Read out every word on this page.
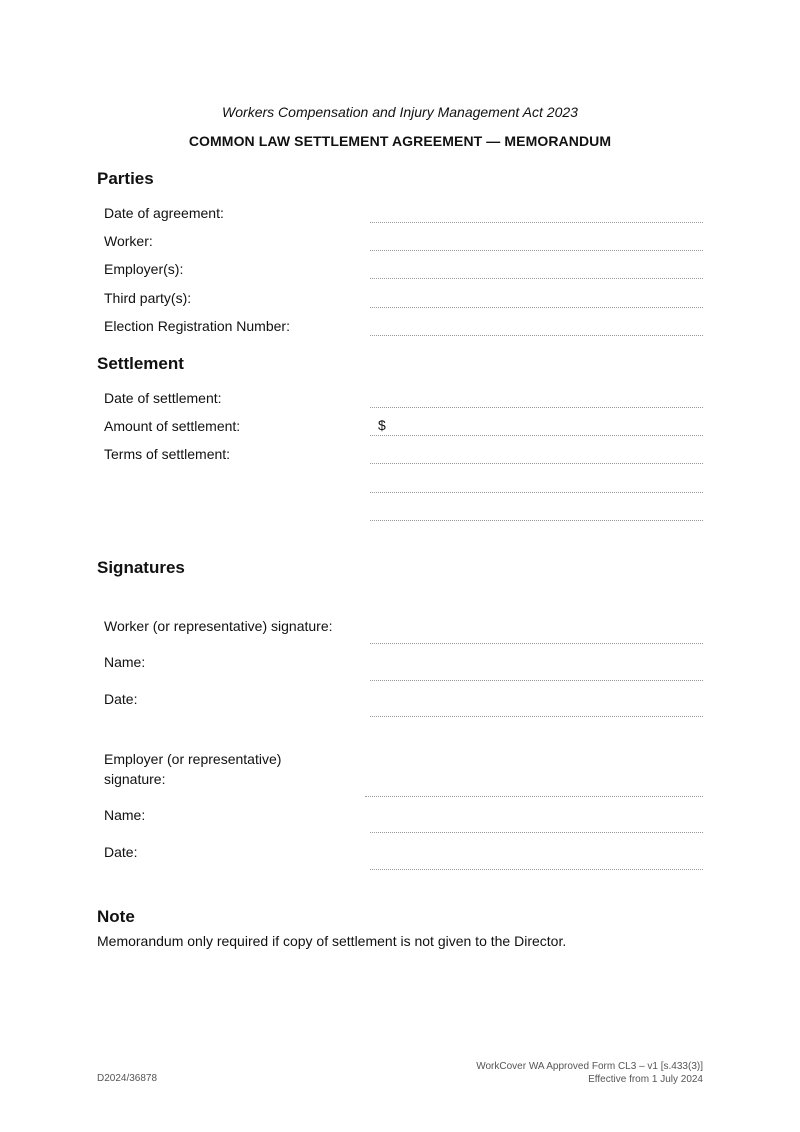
Workers Compensation and Injury Management Act 2023
COMMON LAW SETTLEMENT AGREEMENT — MEMORANDUM
Parties
Date of agreement:
Worker:
Employer(s):
Third party(s):
Election Registration Number:
Settlement
Date of settlement:
Amount of settlement:	$
Terms of settlement:
Signatures
Worker (or representative) signature:
Name:
Date:
Employer (or representative)
signature:
Name:
Date:
Note
Memorandum only required if copy of settlement is not given to the Director.
D2024/36878
WorkCover WA Approved Form CL3 – v1 [s.433(3)]
Effective from 1 July 2024
